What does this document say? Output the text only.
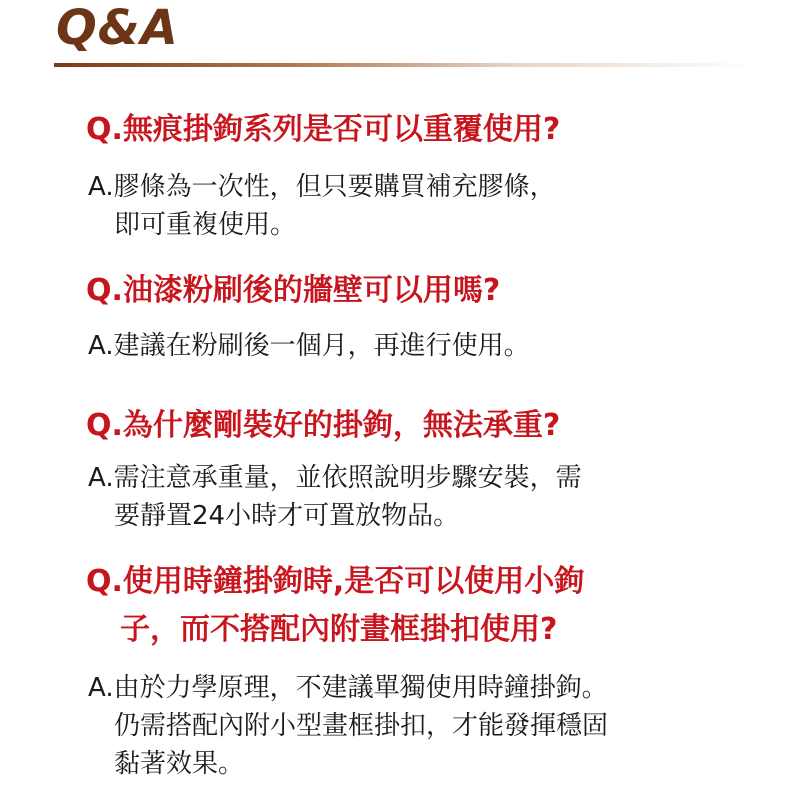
Q&A
Q.無痕掛鉤系列是否可以重覆使用?
A.膠條為一次性，但只要購買補充膠條，
即可重複使用。
Q.油漆粉刷後的牆壁可以用嗎?
A.建議在粉刷後一個月，再進行使用。
Q.為什麼剛裝好的掛鉤，無法承重?
A.需注意承重量，並依照說明步驟安裝，需
要靜置24小時才可置放物品。
Q.使用時鐘掛鉤時,是否可以使用小鉤
子，而不搭配內附畫框掛扣使用?
A.由於力學原理，不建議單獨使用時鐘掛鉤。
仍需搭配內附小型畫框掛扣，才能發揮穩固
黏著效果。
